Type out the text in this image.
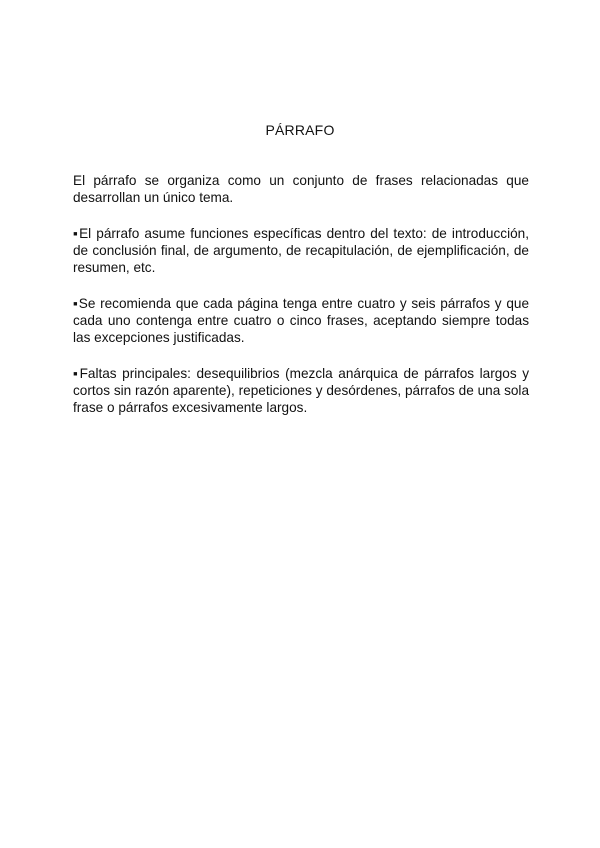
PÁRRAFO

El párrafo se organiza como un conjunto de frases relacionadas que desarrollan un único tema.

▪El párrafo asume funciones específicas dentro del texto: de introducción, de conclusión final, de argumento, de recapitulación, de ejemplificación, de resumen, etc.

▪Se recomienda que cada página tenga entre cuatro y seis párrafos y que cada uno contenga entre cuatro o cinco frases, aceptando siempre todas las excepciones justificadas.

▪Faltas principales: desequilibrios (mezcla anárquica de párrafos largos y cortos sin razón aparente), repeticiones y desórdenes, párrafos de una sola frase o párrafos excesivamente largos.
